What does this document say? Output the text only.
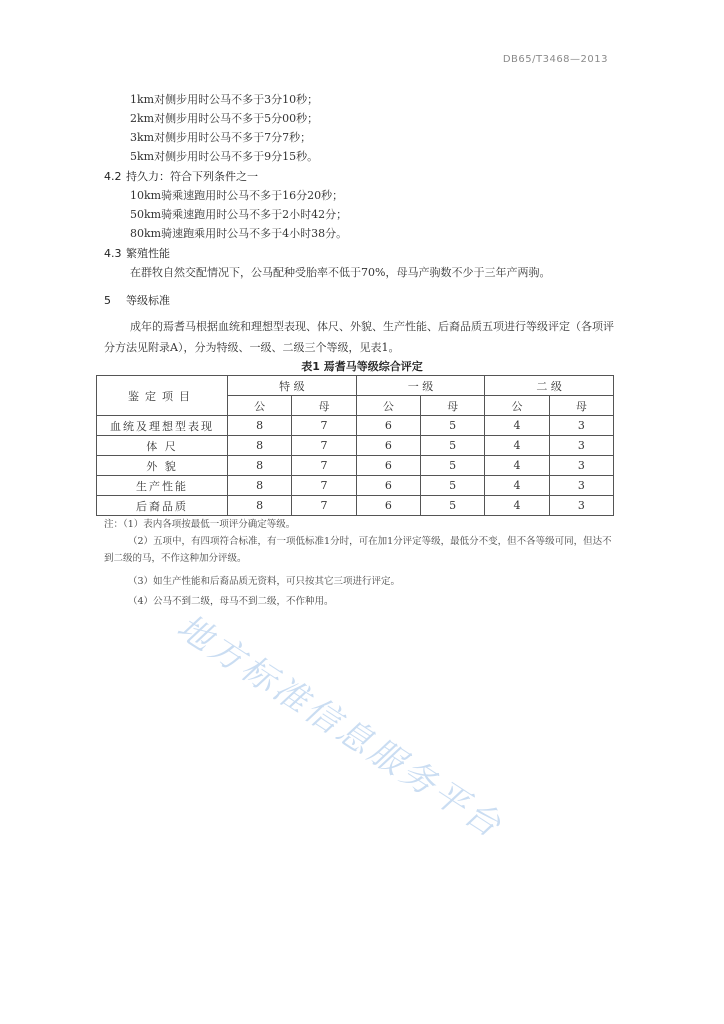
DB65/T3468—2013
1km对侧步用时公马不多于3分10秒；
2km对侧步用时公马不多于5分00秒；
3km对侧步用时公马不多于7分7秒；
5km对侧步用时公马不多于9分15秒。
4.2 持久力：符合下列条件之一
10km骑乘速跑用时公马不多于16分20秒；
50km骑乘速跑用时公马不多于2小时42分；
80km骑速跑乘用时公马不多于4小时38分。
4.3 繁殖性能
在群牧自然交配情况下，公马配种受胎率不低于70%，母马产驹数不少于三年产两驹。
5 等级标准
成年的焉耆马根据血统和理想型表现、体尺、外貌、生产性能、后裔品质五项进行等级评定（各项评分方法见附录A），分为特级、一级、二级三个等级，见表1。
表1 焉耆马等级综合评定
鉴定项目	特 级		一 级		二 级	
	公	母	公	母	公	母
血统及理想型表现	8	7	6	5	4	3
体 尺	8	7	6	5	4	3
外 貌	8	7	6	5	4	3
生产性能	8	7	6	5	4	3
后裔品质	8	7	6	5	4	3
注：（1）表内各项按最低一项评分确定等级。
（2）五项中，有四项符合标准，有一项低标准1分时，可在加1分评定等级，最低分不变，但不各等级可同，但达不到二级的马，不作这种加分评级。
（3）如生产性能和后裔品质无资料，可只按其它三项进行评定。
（4）公马不到二级，母马不到二级，不作种用。
地方标准信息服务平台
